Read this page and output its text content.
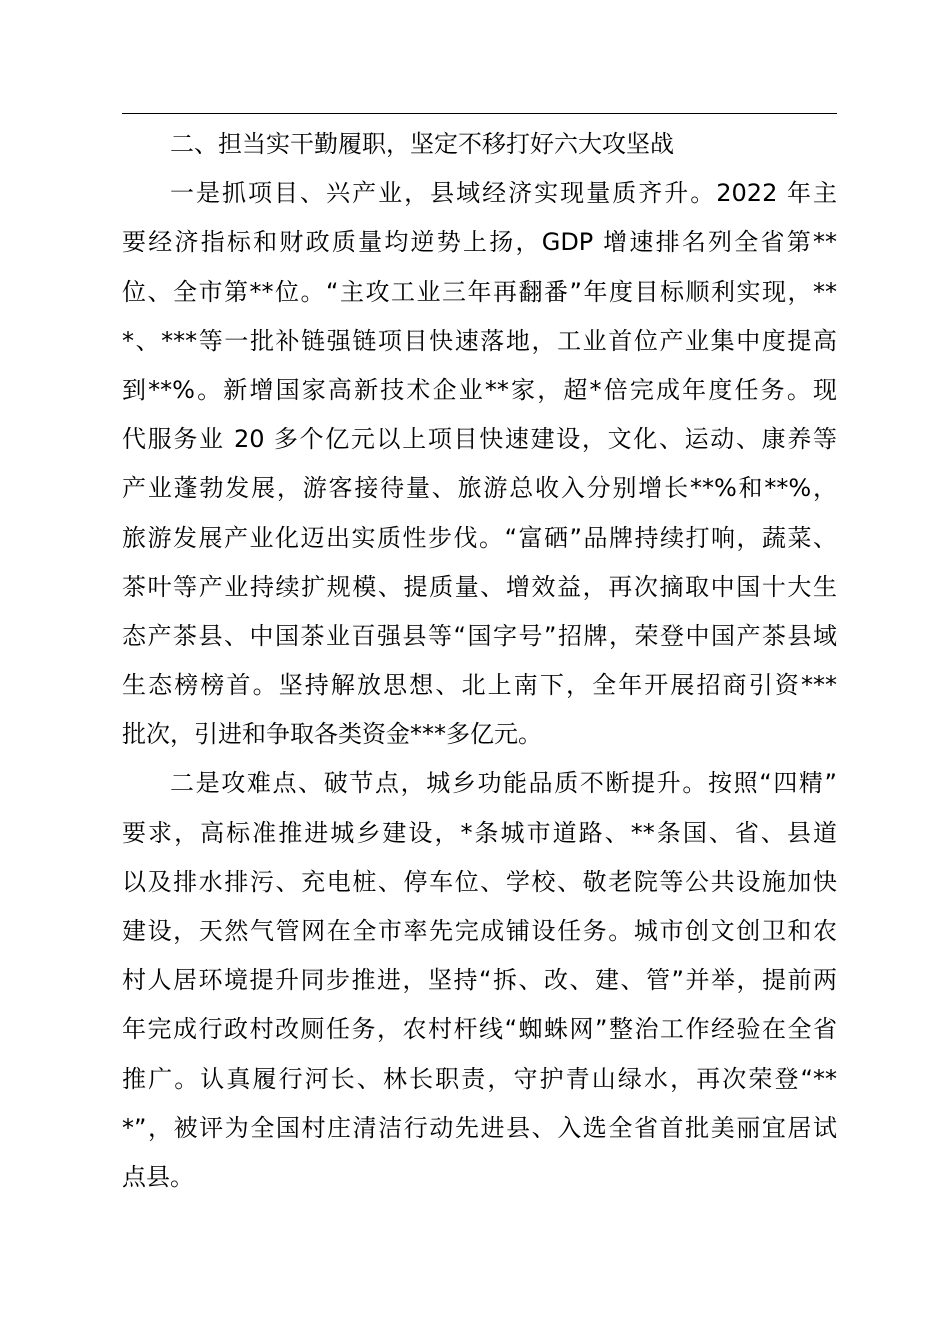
二、担当实干勤履职，坚定不移打好六大攻坚战
一是抓项目、兴产业，县域经济实现量质齐升。2022 年主
要经济指标和财政质量均逆势上扬，GDP 增速排名列全省第**
位、全市第**位。“主攻工业三年再翻番”年度目标顺利实现，**
*、***等一批补链强链项目快速落地，工业首位产业集中度提高
到**%。新增国家高新技术企业**家，超*倍完成年度任务。现
代服务业 20 多个亿元以上项目快速建设，文化、运动、康养等
产业蓬勃发展，游客接待量、旅游总收入分别增长**%和**%，
旅游发展产业化迈出实质性步伐。“富硒”品牌持续打响，蔬菜、
茶叶等产业持续扩规模、提质量、增效益，再次摘取中国十大生
态产茶县、中国茶业百强县等“国字号”招牌，荣登中国产茶县域
生态榜榜首。坚持解放思想、北上南下，全年开展招商引资***
批次，引进和争取各类资金***多亿元。
二是攻难点、破节点，城乡功能品质不断提升。按照“四精”
要求，高标准推进城乡建设，*条城市道路、**条国、省、县道
以及排水排污、充电桩、停车位、学校、敬老院等公共设施加快
建设，天然气管网在全市率先完成铺设任务。城市创文创卫和农
村人居环境提升同步推进，坚持“拆、改、建、管”并举，提前两
年完成行政村改厕任务，农村杆线“蜘蛛网”整治工作经验在全省
推广。认真履行河长、林长职责，守护青山绿水，再次荣登“**
*”，被评为全国村庄清洁行动先进县、入选全省首批美丽宜居试
点县。
